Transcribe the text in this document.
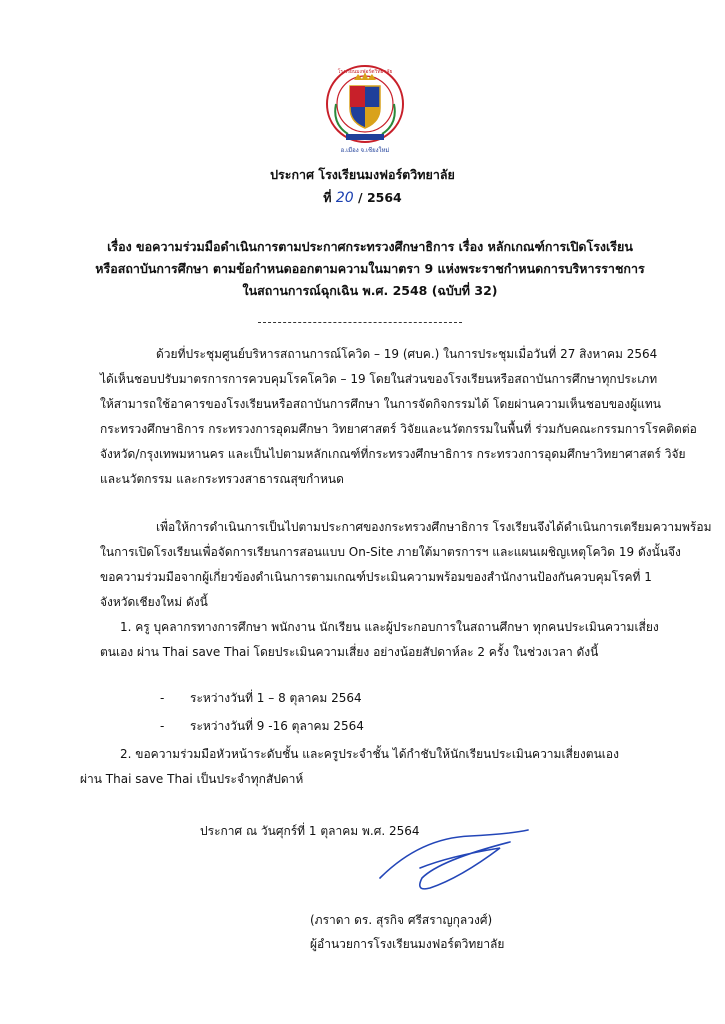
โรงเรียนมงฟอร์ตวิทยาลัย
อ.เมือง จ.เชียงใหม่
ประกาศ โรงเรียนมงฟอร์ตวิทยาลัย
ที่ 20 / 2564
เรื่อง ขอความร่วมมือดำเนินการตามประกาศกระทรวงศึกษาธิการ เรื่อง หลักเกณฑ์การเปิดโรงเรียน
หรือสถาบันการศึกษา ตามข้อกำหนดออกตามความในมาตรา 9 แห่งพระราชกำหนดการบริหารราชการ
ในสถานการณ์ฉุกเฉิน พ.ศ. 2548 (ฉบับที่ 32)
ด้วยที่ประชุมศูนย์บริหารสถานการณ์โควิด – 19 (ศบค.) ในการประชุมเมื่อวันที่ 27 สิงหาคม 2564
ได้เห็นชอบปรับมาตรการการควบคุมโรคโควิด – 19 โดยในส่วนของโรงเรียนหรือสถาบันการศึกษาทุกประเภท
ให้สามารถใช้อาคารของโรงเรียนหรือสถาบันการศึกษา ในการจัดกิจกรรมได้ โดยผ่านความเห็นชอบของผู้แทน
กระทรวงศึกษาธิการ กระทรวงการอุดมศึกษา วิทยาศาสตร์ วิจัยและนวัตกรรมในพื้นที่ ร่วมกับคณะกรรมการโรคติดต่อ
จังหวัด/กรุงเทพมหานคร และเป็นไปตามหลักเกณฑ์ที่กระทรวงศึกษาธิการ กระทรวงการอุดมศึกษาวิทยาศาสตร์ วิจัย
และนวัตกรรม และกระทรวงสาธารณสุขกำหนด
เพื่อให้การดำเนินการเป็นไปตามประกาศของกระทรวงศึกษาธิการ โรงเรียนจึงได้ดำเนินการเตรียมความพร้อม
ในการเปิดโรงเรียนเพื่อจัดการเรียนการสอนแบบ On-Site ภายใต้มาตรการฯ และแผนเผชิญเหตุโควิด 19 ดังนั้นจึง
ขอความร่วมมือจากผู้เกี่ยวข้องดำเนินการตามเกณฑ์ประเมินความพร้อมของสำนักงานป้องกันควบคุมโรคที่ 1
จังหวัดเชียงใหม่ ดังนี้
1. ครู บุคลากรทางการศึกษา พนักงาน นักเรียน และผู้ประกอบการในสถานศึกษา ทุกคนประเมินความเสี่ยง
ตนเอง ผ่าน Thai save Thai โดยประเมินความเสี่ยง อย่างน้อยสัปดาห์ละ 2 ครั้ง ในช่วงเวลา ดังนี้
- ระหว่างวันที่ 1 – 8 ตุลาคม 2564
- ระหว่างวันที่ 9 -16 ตุลาคม 2564
2. ขอความร่วมมือหัวหน้าระดับชั้น และครูประจำชั้น ได้กำชับให้นักเรียนประเมินความเสี่ยงตนเอง
ผ่าน Thai save Thai เป็นประจำทุกสัปดาห์
ประกาศ ณ วันศุกร์ที่ 1 ตุลาคม พ.ศ. 2564
(ภราดา ดร. สุรกิจ ศรีสราญกุลวงศ์)
ผู้อำนวยการโรงเรียนมงฟอร์ตวิทยาลัย
